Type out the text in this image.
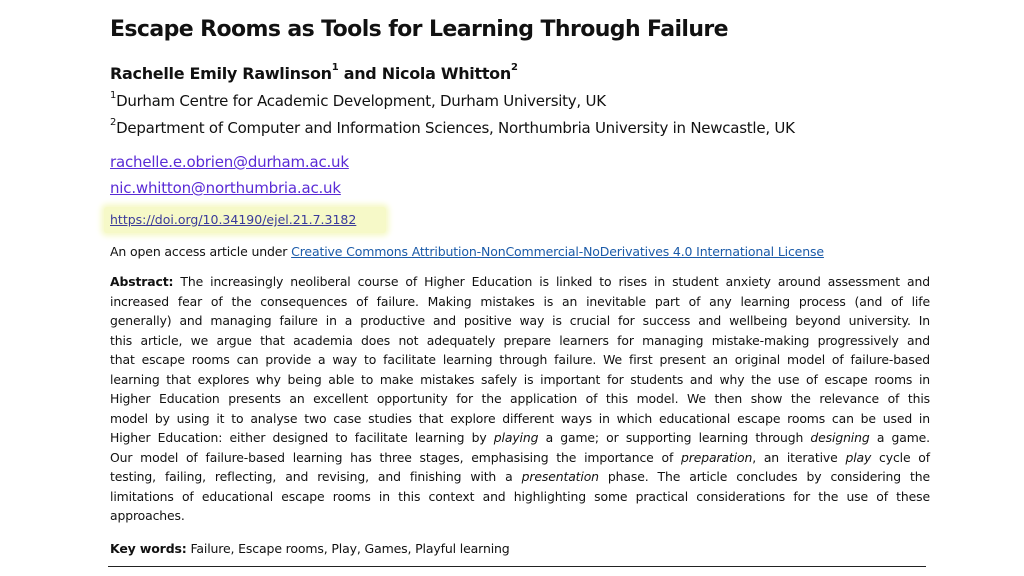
Escape Rooms as Tools for Learning Through Failure
Rachelle Emily Rawlinson$^1$ and Nicola Whitton$^2$
$^1$Durham Centre for Academic Development, Durham University, UK
$^2$Department of Computer and Information Sciences, Northumbria University in Newcastle, UK
rachelle.e.obrien@durham.ac.uk
nic.whitton@northumbria.ac.uk
https://doi.org/10.34190/ejel.21.7.3182
An open access article under Creative Commons Attribution-NonCommercial-NoDerivatives 4.0 International License
Abstract: The increasingly neoliberal course of Higher Education is linked to rises in student anxiety around assessment and
increased fear of the consequences of failure. Making mistakes is an inevitable part of any learning process (and of life
generally) and managing failure in a productive and positive way is crucial for success and wellbeing beyond university. In
this article, we argue that academia does not adequately prepare learners for managing mistake-making progressively and
that escape rooms can provide a way to facilitate learning through failure. We first present an original model of failure-based
learning that explores why being able to make mistakes safely is important for students and why the use of escape rooms in
Higher Education presents an excellent opportunity for the application of this model. We then show the relevance of this
model by using it to analyse two case studies that explore different ways in which educational escape rooms can be used in
Higher Education: either designed to facilitate learning by playing a game; or supporting learning through designing a game.
Our model of failure-based learning has three stages, emphasising the importance of preparation, an iterative play cycle of
testing, failing, reflecting, and revising, and finishing with a presentation phase. The article concludes by considering the
limitations of educational escape rooms in this context and highlighting some practical considerations for the use of these
approaches.
Key words: Failure, Escape rooms, Play, Games, Playful learning
